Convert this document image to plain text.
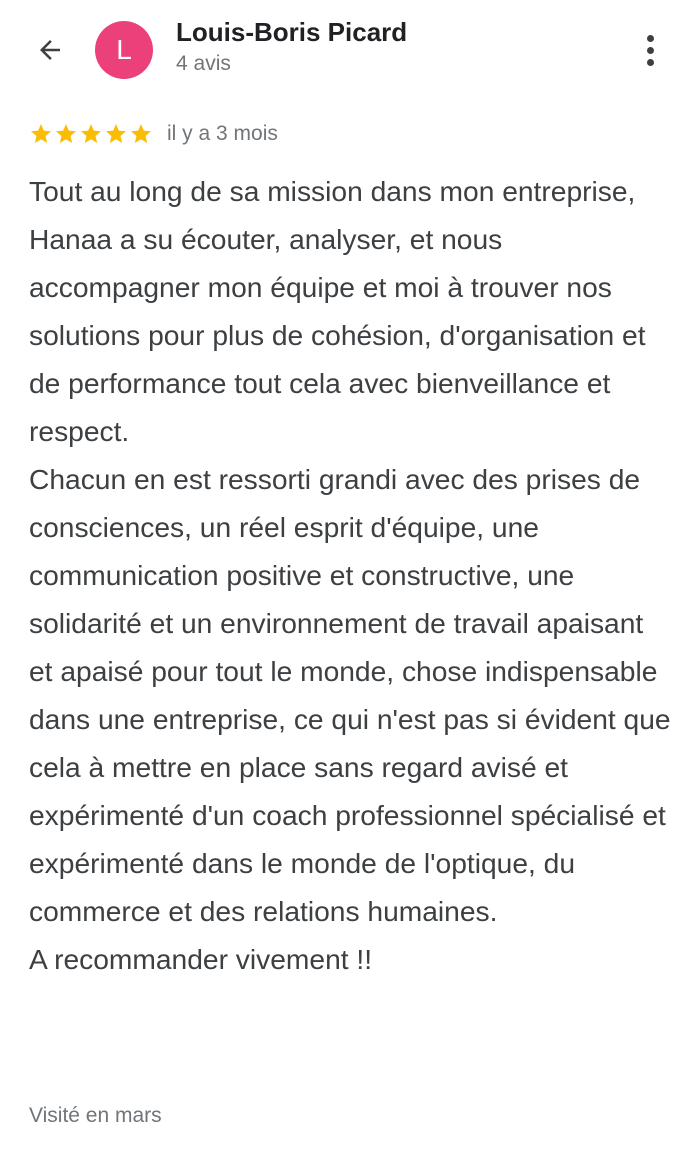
L
Louis-Boris Picard
4 avis
il y a 3 mois

Tout au long de sa mission dans mon entreprise, Hanaa a su écouter, analyser, et nous accompagner mon équipe et moi à trouver nos solutions pour plus de cohésion, d'organisation et de performance tout cela avec bienveillance et respect.
Chacun en est ressorti grandi avec des prises de consciences, un réel esprit d'équipe, une communication positive et constructive, une solidarité et un environnement de travail apaisant et apaisé pour tout le monde, chose indispensable dans une entreprise, ce qui n'est pas si évident que cela à mettre en place sans regard avisé et expérimenté d'un coach professionnel spécialisé et expérimenté dans le monde de l'optique, du commerce et des relations humaines.
A recommander vivement !!

Visité en mars
